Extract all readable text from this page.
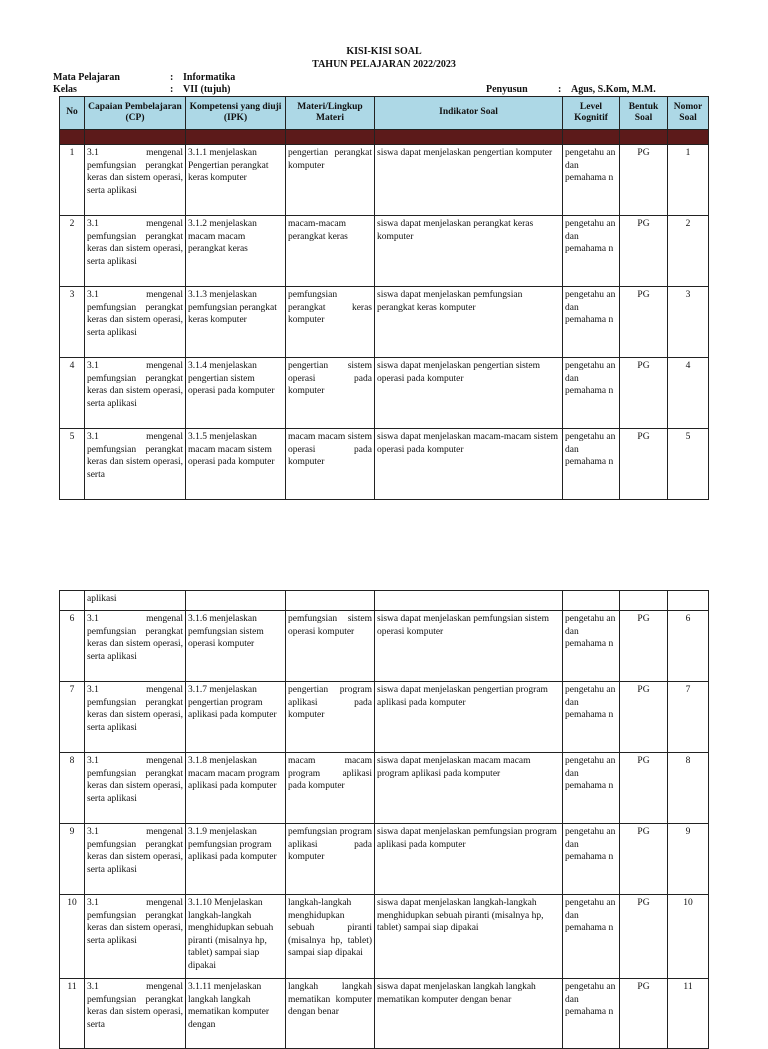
KISI-KISI SOAL
TAHUN PELAJARAN 2022/2023
Mata Pelajaran	: Informatika
Kelas	: VII (tujuh)	Penyusun	: Agus, S.Kom, M.M.
No	Capaian Pembelajaran (CP)	Kompetensi yang diuji (IPK)	Materi/Lingkup Materi	Indikator Soal	Level Kognitif	Bentuk Soal	Nomor Soal

1	3.1 mengenal pemfungsian perangkat keras dan sistem operasi, serta aplikasi	3.1.1 menjelaskan Pengertian perangkat keras komputer	pengertian perangkat komputer	siswa dapat menjelaskan pengertian komputer	pengetahu an dan pemahama n	PG	1
2	3.1 mengenal pemfungsian perangkat keras dan sistem operasi, serta aplikasi	3.1.2 menjelaskan macam macam perangkat keras	macam-macam perangkat keras	siswa dapat menjelaskan perangkat keras komputer	pengetahu an dan pemahama n	PG	2
3	3.1 mengenal pemfungsian perangkat keras dan sistem operasi, serta aplikasi	3.1.3 menjelaskan pemfungsian perangkat keras komputer	pemfungsian perangkat keras komputer	siswa dapat menjelaskan pemfungsian perangkat keras komputer	pengetahu an dan pemahama n	PG	3
4	3.1 mengenal pemfungsian perangkat keras dan sistem operasi, serta aplikasi	3.1.4 menjelaskan pengertian sistem operasi pada komputer	pengertian sistem operasi pada komputer	siswa dapat menjelaskan pengertian sistem operasi pada komputer	pengetahu an dan pemahama n	PG	4
5	3.1 mengenal pemfungsian perangkat keras dan sistem operasi, serta	3.1.5 menjelaskan macam macam sistem operasi pada komputer	macam macam sistem operasi pada komputer	siswa dapat menjelaskan macam-macam sistem operasi pada komputer	pengetahu an dan pemahama n	PG	5
	aplikasi						
6	3.1 mengenal pemfungsian perangkat keras dan sistem operasi, serta aplikasi	3.1.6 menjelaskan pemfungsian sistem operasi komputer	pemfungsian sistem operasi komputer	siswa dapat menjelaskan pemfungsian sistem operasi komputer	pengetahu an dan pemahama n	PG	6
7	3.1 mengenal pemfungsian perangkat keras dan sistem operasi, serta aplikasi	3.1.7 menjelaskan pengertian program aplikasi pada komputer	pengertian program aplikasi pada komputer	siswa dapat menjelaskan pengertian program aplikasi pada komputer	pengetahu an dan pemahama n	PG	7
8	3.1 mengenal pemfungsian perangkat keras dan sistem operasi, serta aplikasi	3.1.8 menjelaskan macam macam program aplikasi pada komputer	macam macam program aplikasi pada komputer	siswa dapat menjelaskan macam macam program aplikasi pada komputer	pengetahu an dan pemahama n	PG	8
9	3.1 mengenal pemfungsian perangkat keras dan sistem operasi, serta aplikasi	3.1.9 menjelaskan pemfungsian program aplikasi pada komputer	pemfungsian program aplikasi pada komputer	siswa dapat menjelaskan pemfungsian program aplikasi pada komputer	pengetahu an dan pemahama n	PG	9
10	3.1 mengenal pemfungsian perangkat keras dan sistem operasi, serta aplikasi	3.1.10 Menjelaskan langkah-langkah menghidupkan sebuah piranti (misalnya hp, tablet) sampai siap dipakai	langkah-langkah menghidupkan sebuah piranti (misalnya hp, tablet) sampai siap dipakai	siswa dapat menjelaskan langkah-langkah menghidupkan sebuah piranti (misalnya hp, tablet) sampai siap dipakai	pengetahu an dan pemahama n	PG	10
11	3.1 mengenal pemfungsian perangkat keras dan sistem operasi, serta	3.1.11 menjelaskan langkah langkah mematikan komputer dengan	langkah langkah mematikan komputer dengan benar	siswa dapat menjelaskan langkah langkah mematikan komputer dengan benar	pengetahu an dan pemahama n	PG	11
